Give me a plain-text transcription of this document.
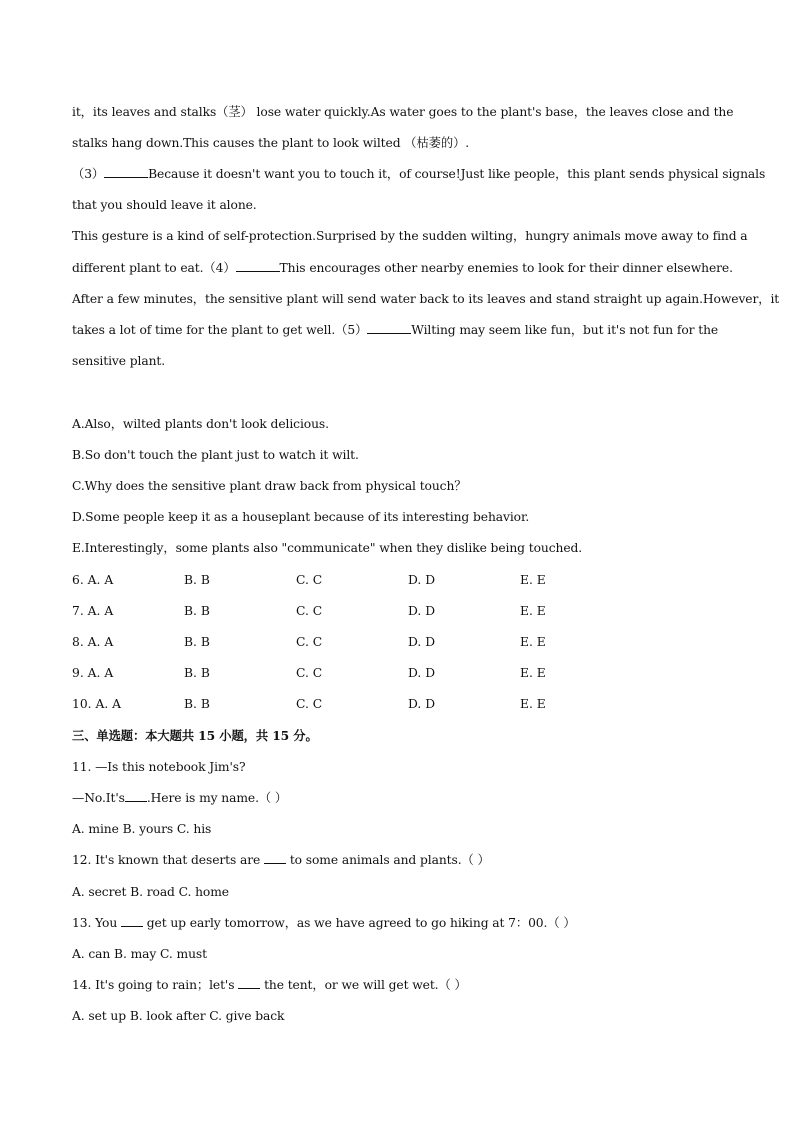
it，its leaves and stalks（茎） lose water quickly.As water goes to the plant's base，the leaves close and the
stalks hang down.This causes the plant to look wilted （枯萎的）.
（3）	Because it doesn't want you to touch it，of course!Just like people，this plant sends physical signals
that you should leave it alone.
This gesture is a kind of self-protection.Surprised by the sudden wilting，hungry animals move away to find a
different plant to eat.（4）	This encourages other nearby enemies to look for their dinner elsewhere.
After a few minutes，the sensitive plant will send water back to its leaves and stand straight up again.However，it
takes a lot of time for the plant to get well.（5）	Wilting may seem like fun，but it's not fun for the
sensitive plant.
A.Also，wilted plants don't look delicious.
B.So don't touch the plant just to watch it wilt.
C.Why does the sensitive plant draw back from physical touch？
D.Some people keep it as a houseplant because of its interesting behavior.
E.Interestingly，some plants also "communicate" when they dislike being touched.
6. A. A	B. B	C. C	D. D	E. E
7. A. A	B. B	C. C	D. D	E. E
8. A. A	B. B	C. C	D. D	E. E
9. A. A	B. B	C. C	D. D	E. E
10. A. A	B. B	C. C	D. D	E. E
三、单选题：本大题共 15 小题，共 15 分。
11. —Is this notebook Jim's?
—No.It's .Here is my name.（ ）
A. mine B. yours C. his
12. It's known that deserts are to some animals and plants.（ ）
A. secret B. road C. home
13. You get up early tomorrow，as we have agreed to go hiking at 7：00.（ ）
A. can B. may C. must
14. It's going to rain；let's the tent，or we will get wet.（ ）
A. set up B. look after C. give back
